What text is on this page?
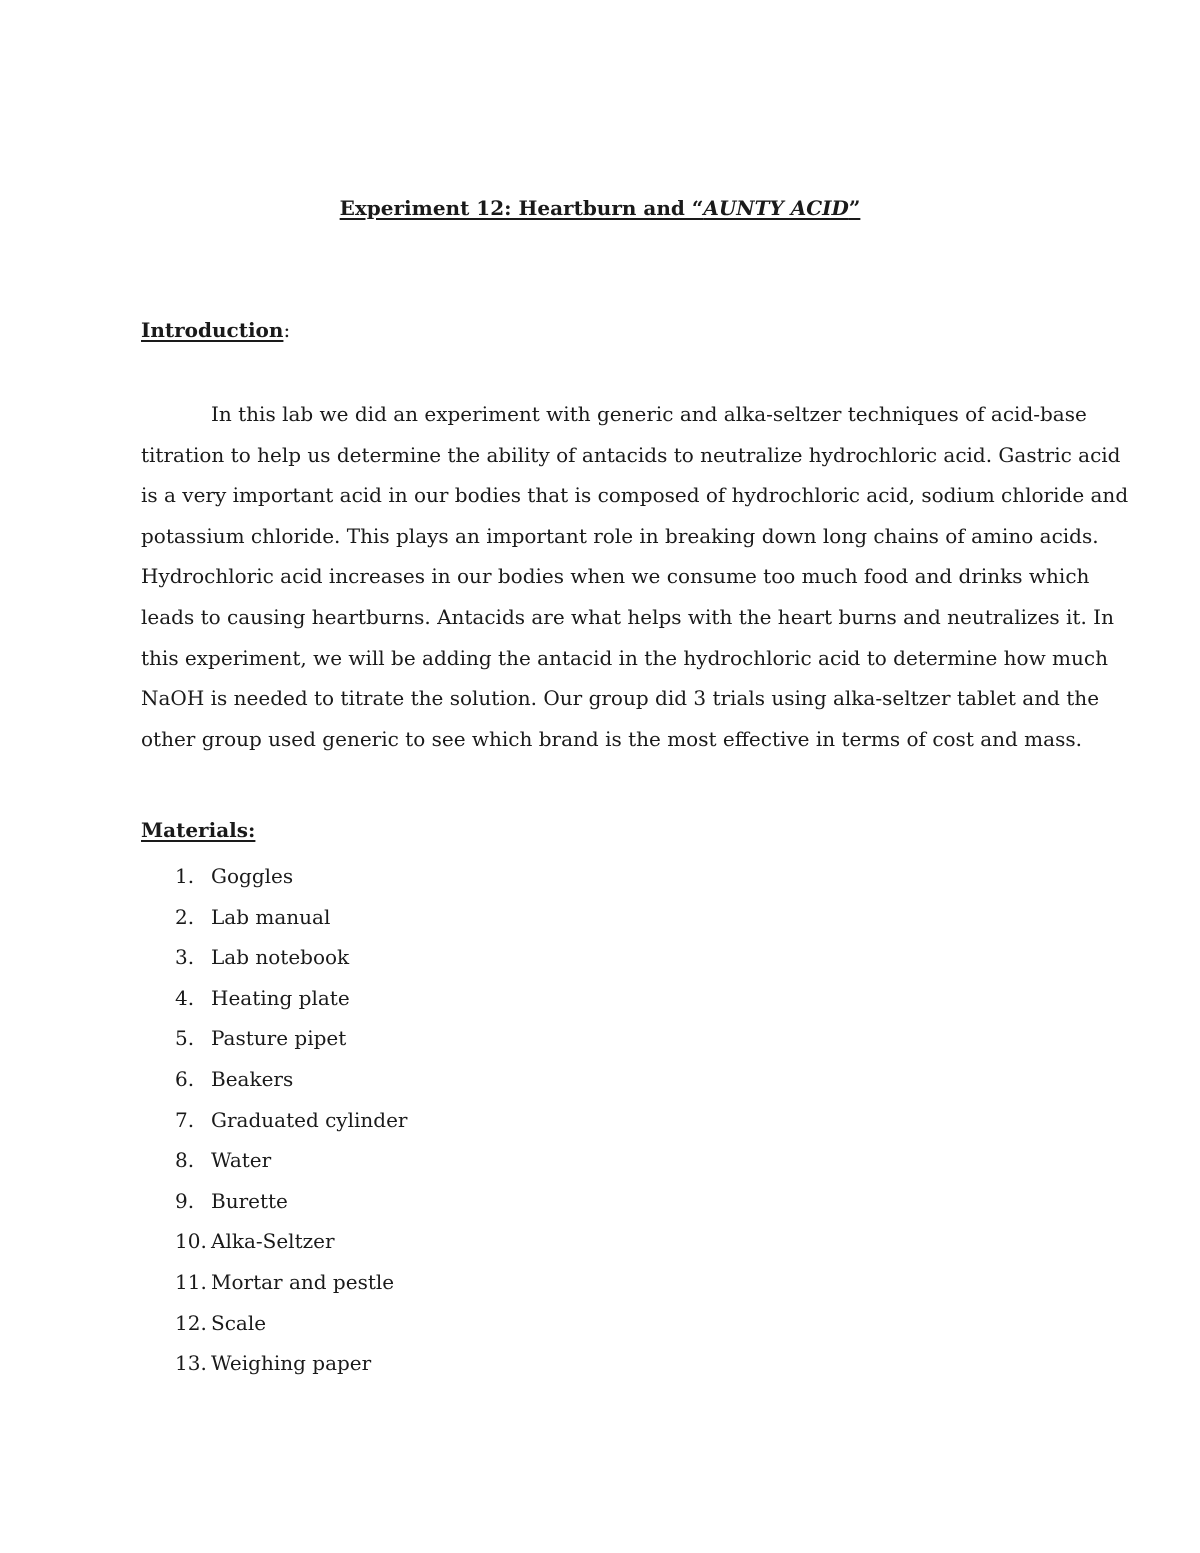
Experiment 12: Heartburn and “AUNTY ACID”
Introduction:
In this lab we did an experiment with generic and alka-seltzer techniques of acid-base
titration to help us determine the ability of antacids to neutralize hydrochloric acid. Gastric acid
is a very important acid in our bodies that is composed of hydrochloric acid, sodium chloride and
potassium chloride. This plays an important role in breaking down long chains of amino acids.
Hydrochloric acid increases in our bodies when we consume too much food and drinks which
leads to causing heartburns. Antacids are what helps with the heart burns and neutralizes it. In
this experiment, we will be adding the antacid in the hydrochloric acid to determine how much
NaOH is needed to titrate the solution. Our group did 3 trials using alka-seltzer tablet and the
other group used generic to see which brand is the most effective in terms of cost and mass.
Materials:
1. Goggles
2. Lab manual
3. Lab notebook
4. Heating plate
5. Pasture pipet
6. Beakers
7. Graduated cylinder
8. Water
9. Burette
10. Alka-Seltzer
11. Mortar and pestle
12. Scale
13. Weighing paper
